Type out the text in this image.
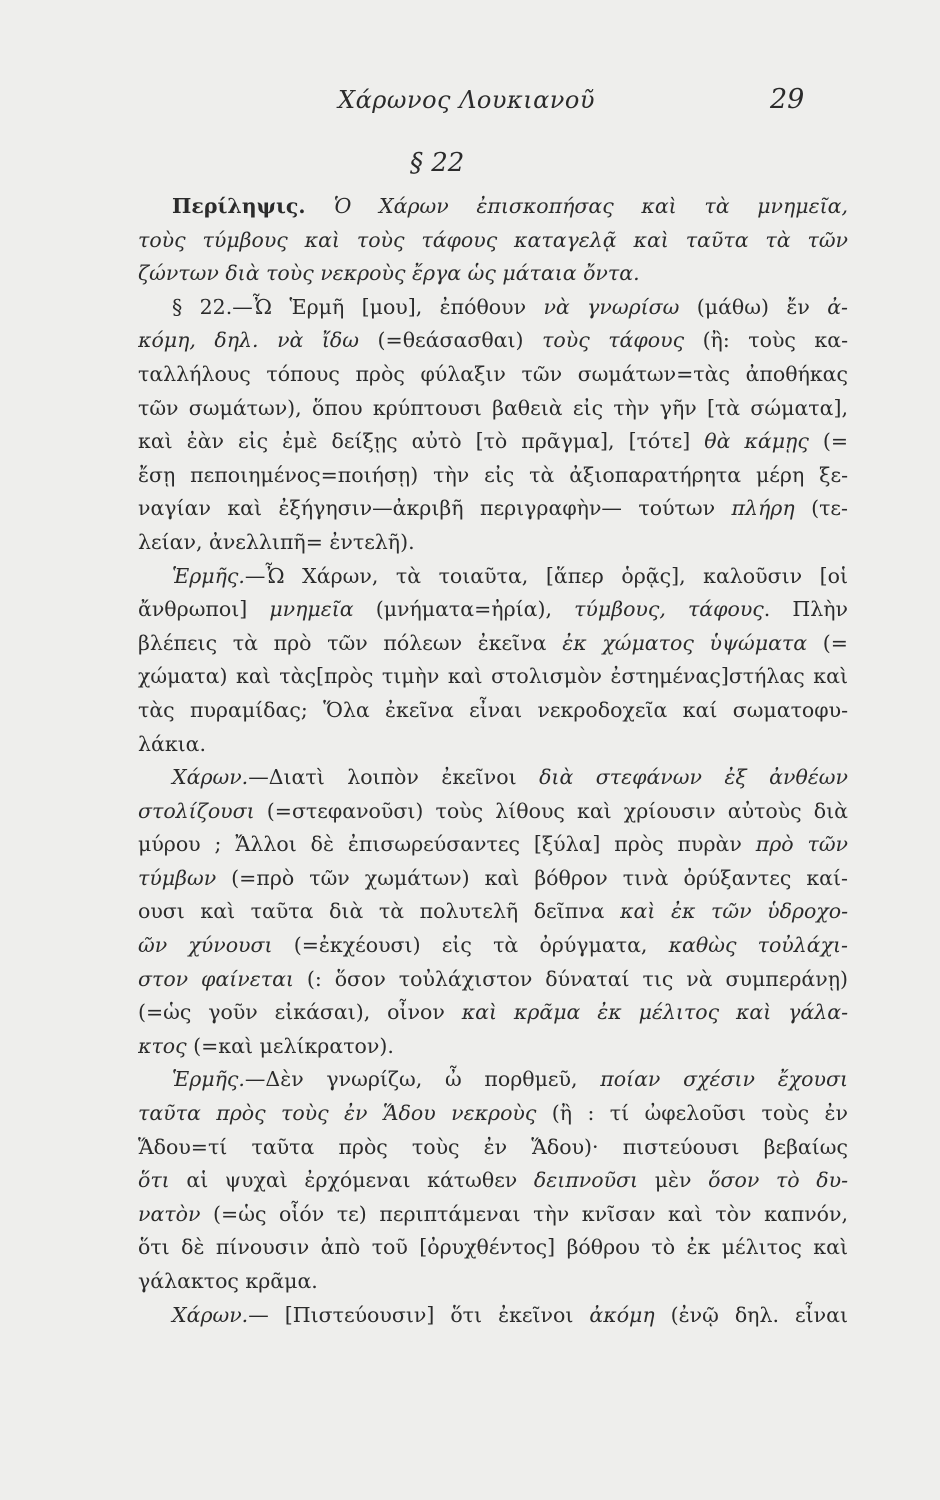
Χάρωνος Λουκιανοῦ	29
§ 22
Περίληψις. Ὁ Χάρων ἐπισκοπήσας καὶ τὰ μνημεῖα,
τοὺς τύμβους καὶ τοὺς τάφους καταγελᾷ καὶ ταῦτα τὰ τῶν
ζώντων διὰ τοὺς νεκροὺς ἔργα ὡς μάταια ὄντα.
§ 22.—Ὦ Ἑρμῆ [μου], ἐπόθουν νὰ γνωρίσω (μάθω) ἔν ἀ-
κόμη, δηλ. νὰ ἴδω (=θεάσασθαι) τοὺς τάφους (ἢ: τοὺς κα-
ταλλήλους τόπους πρὸς φύλαξιν τῶν σωμάτων=τὰς ἀποθήκας
τῶν σωμάτων), ὅπου κρύπτουσι βαθειὰ εἰς τὴν γῆν [τὰ σώματα],
καὶ ἐὰν εἰς ἐμὲ δείξῃς αὐτὸ [τὸ πρᾶγμα], [τότε] θὰ κάμῃς (=
ἔσῃ πεποιημένος=ποιήσῃ) τὴν εἰς τὰ ἀξιοπαρατήρητα μέρη ξε-
ναγίαν καὶ ἐξήγησιν—ἀκριβῆ περιγραφὴν— τούτων πλήρη (τε-
λείαν, ἀνελλιπῆ= ἐντελῆ).
Ἑρμῆς.—Ὦ Χάρων, τὰ τοιαῦτα, [ἅπερ ὁρᾷς], καλοῦσιν [οἱ
ἄνθρωποι] μνημεῖα (μνήματα=ἠρία), τύμβους, τάφους. Πλὴν
βλέπεις τὰ πρὸ τῶν πόλεων ἐκεῖνα ἐκ χώματος ὑψώματα (=
χώματα) καὶ τὰς[πρὸς τιμὴν καὶ στολισμὸν ἐστημένας]στήλας καὶ
τὰς πυραμίδας; Ὅλα ἐκεῖνα εἶναι νεκροδοχεῖα καί σωματοφυ-
λάκια.
Χάρων.—Διατὶ λοιπὸν ἐκεῖνοι διὰ στεφάνων ἐξ ἀνθέων
στολίζουσι (=στεφανοῦσι) τοὺς λίθους καὶ χρίουσιν αὐτοὺς διὰ
μύρου ; Ἄλλοι δὲ ἐπισωρεύσαντες [ξύλα] πρὸς πυρὰν πρὸ τῶν
τύμβων (=πρὸ τῶν χωμάτων) καὶ βόθρον τινὰ ὀρύξαντες καί-
ουσι καὶ ταῦτα διὰ τὰ πολυτελῆ δεῖπνα καὶ ἐκ τῶν ὑδροχο-
ῶν χύνουσι (=ἐκχέουσι) εἰς τὰ ὀρύγματα, καθὼς τοὐλάχι-
στον φαίνεται (: ὅσον τοὐλάχιστον δύναταί τις νὰ συμπεράνῃ)
(=ὡς γοῦν εἰκάσαι), οἶνον καὶ κρᾶμα ἐκ μέλιτος καὶ γάλα-
κτος (=καὶ μελίκρατον).
Ἑρμῆς.—Δὲν γνωρίζω, ὦ πορθμεῦ, ποίαν σχέσιν ἔχουσι
ταῦτα πρὸς τοὺς ἐν Ἅδου νεκροὺς (ἢ : τί ὠφελοῦσι τοὺς ἐν
Ἅδου=τί ταῦτα πρὸς τοὺς ἐν Ἅδου)· πιστεύουσι βεβαίως
ὅτι αἱ ψυχαὶ ἐρχόμεναι κάτωθεν δειπνοῦσι μὲν ὅσον τὸ δυ-
νατὸν (=ὡς οἷόν τε) περιπτάμεναι τὴν κνῖσαν καὶ τὸν καπνόν,
ὅτι δὲ πίνουσιν ἀπὸ τοῦ [ὀρυχθέντος] βόθρου τὸ ἐκ μέλιτος καὶ
γάλακτος κρᾶμα.
Χάρων.— [Πιστεύουσιν] ὅτι ἐκεῖνοι ἀκόμη (ἐνῷ δηλ. εἶναι
